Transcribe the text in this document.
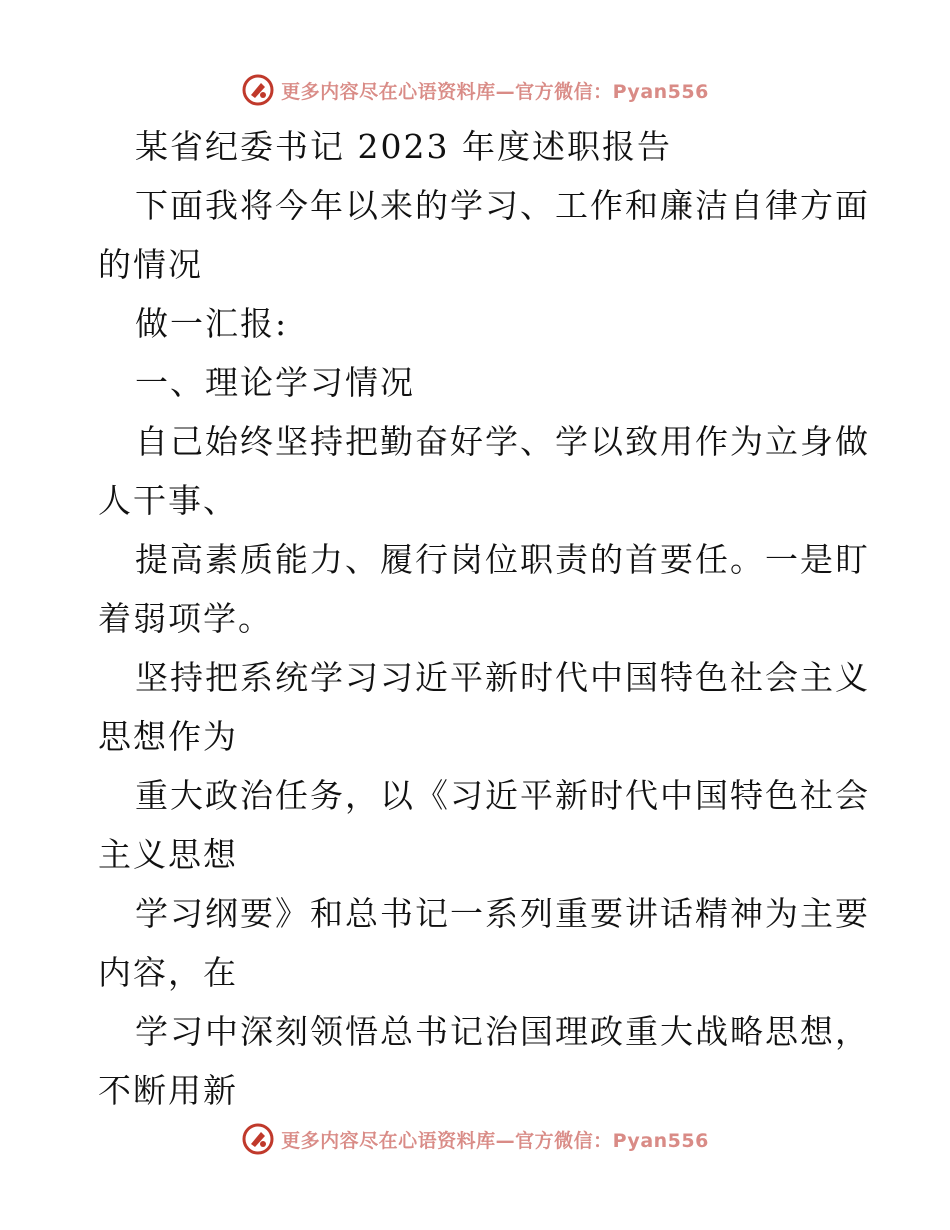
更多内容尽在心语资料库—官方微信：Pyan556
某省纪委书记 2023 年度述职报告
下面我将今年以来的学习、工作和廉洁自律方面
的情况
做一汇报:
一、理论学习情况
自己始终坚持把勤奋好学、学以致用作为立身做
人干事、
提高素质能力、履行岗位职责的首要任。一是盯
着弱项学。
坚持把系统学习习近平新时代中国特色社会主义
思想作为
重大政治任务，以《习近平新时代中国特色社会
主义思想
学习纲要》和总书记一系列重要讲话精神为主要
内容，在
学习中深刻领悟总书记治国理政重大战略思想，
不断用新
更多内容尽在心语资料库—官方微信：Pyan556
